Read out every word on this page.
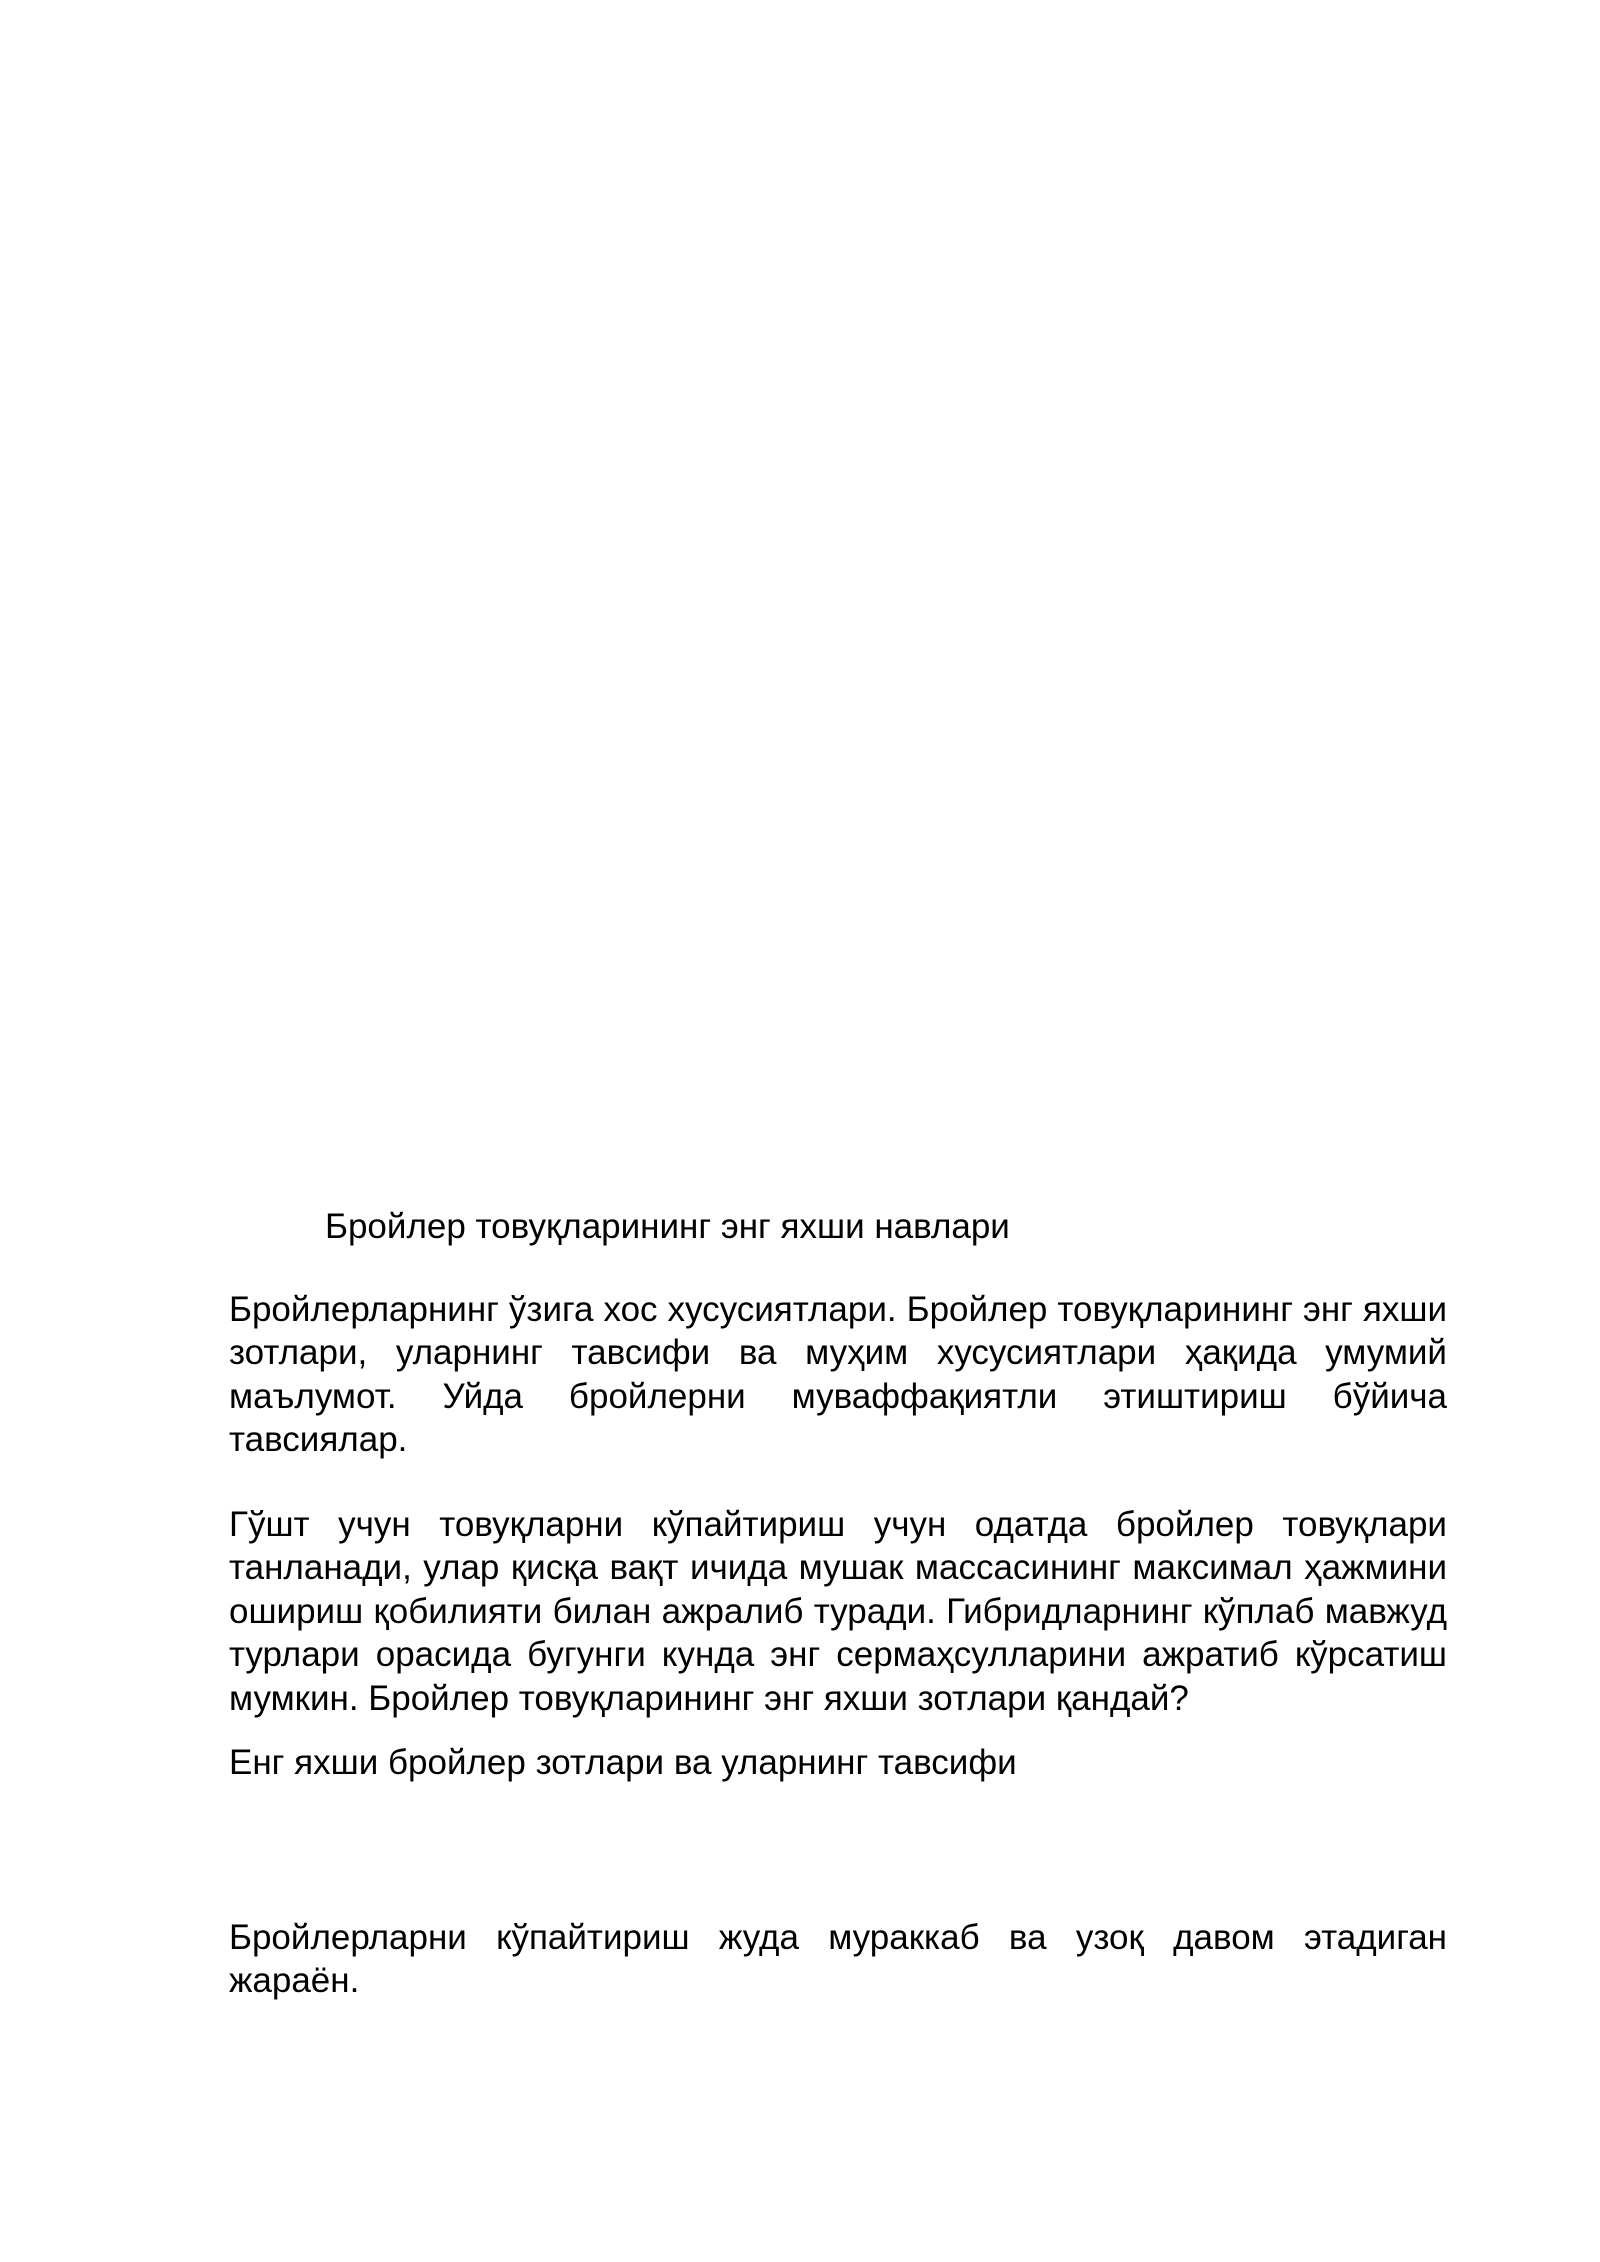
Бройлер товуқларининг энг яхши навлари

Бройлерларнинг ўзига хос хусусиятлари. Бройлер товуқларининг энг яхши зотлари, уларнинг тавсифи ва муҳим хусусиятлари ҳақида умумий маълумот. Уйда бройлерни муваффақиятли этиштириш бўйича тавсиялар.

Гўшт учун товуқларни кўпайтириш учун одатда бройлер товуқлари танланади, улар қисқа вақт ичида мушак массасининг максимал ҳажмини ошириш қобилияти билан ажралиб туради. Гибридларнинг кўплаб мавжуд турлари орасида бугунги кунда энг сермаҳсулларини ажратиб кўрсатиш мумкин. Бройлер товуқларининг энг яхши зотлари қандай?

Енг яхши бройлер зотлари ва уларнинг тавсифи

Бройлерларни кўпайтириш жуда мураккаб ва узоқ давом этадиган жараён.
